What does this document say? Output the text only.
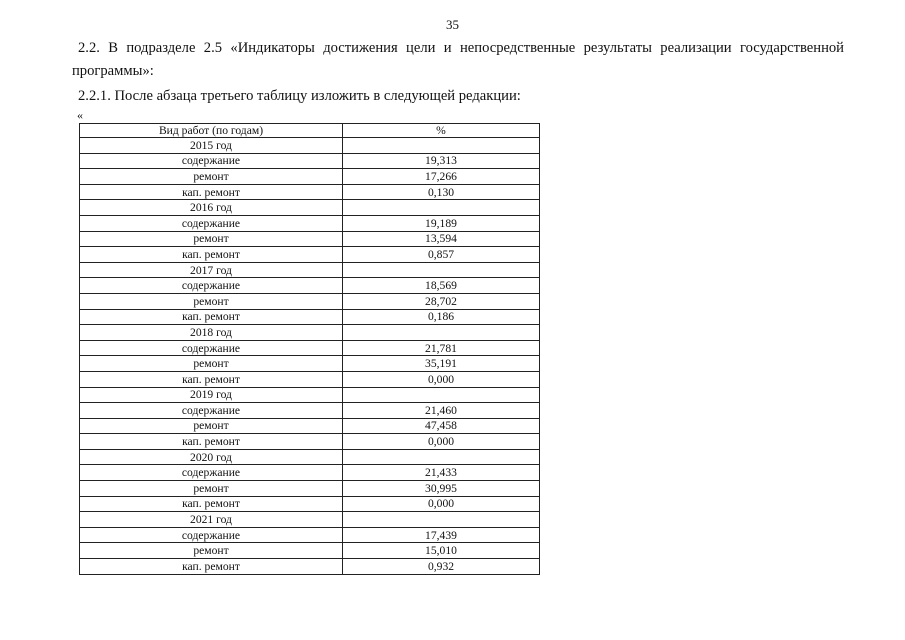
35
2.2. В подразделе 2.5 «Индикаторы достижения цели и непосредственные результаты реализации государственной программы»:
2.2.1. После абзаца третьего таблицу изложить в следующей редакции:
«
Вид работ (по годам)	%
2015 год	
содержание	19,313
ремонт	17,266
кап. ремонт	0,130
2016 год	
содержание	19,189
ремонт	13,594
кап. ремонт	0,857
2017 год	
содержание	18,569
ремонт	28,702
кап. ремонт	0,186
2018 год	
содержание	21,781
ремонт	35,191
кап. ремонт	0,000
2019 год	
содержание	21,460
ремонт	47,458
кап. ремонт	0,000
2020 год	
содержание	21,433
ремонт	30,995
кап. ремонт	0,000
2021 год	
содержание	17,439
ремонт	15,010
кап. ремонт	0,932
